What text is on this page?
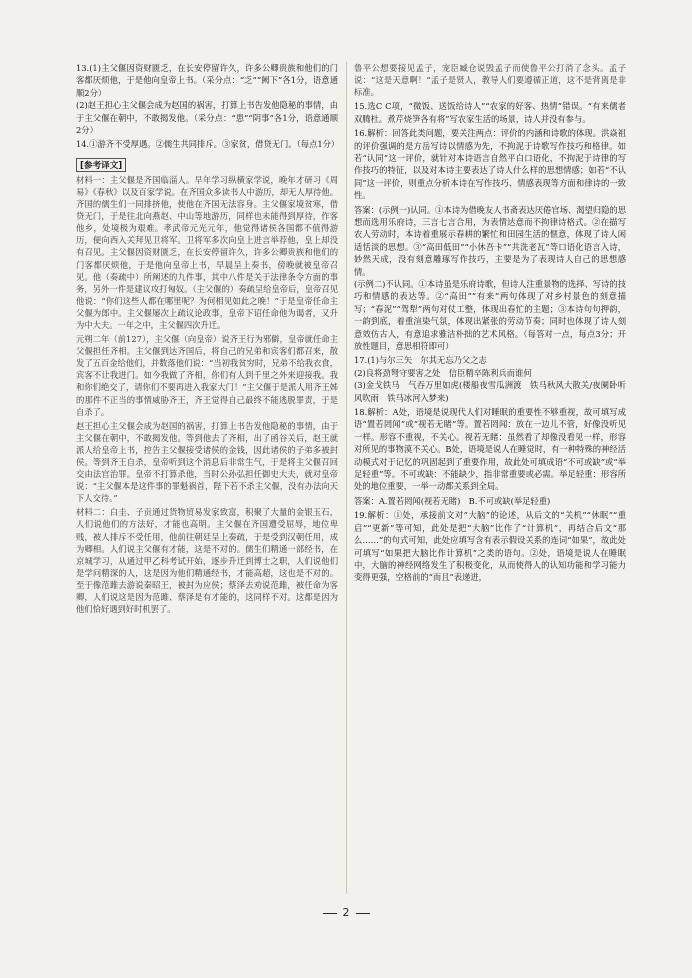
13.(1)主父偃因资财匮乏，在长安停留许久，许多公卿贵族和他们的门客都厌烦他，于是他向皇帝上书。（采分点：“乏”“阙下”各1分，语意通顺2分）
(2)赵王担心主父偃会成为赵国的祸害，打算上书告发他隐秘的事情，由于主父偃在朝中，不敢揭发他。（采分点：“患”“阴事”各1分，语意通顺2分）

14.①游齐不受厚遇。②儒生共同排斥。③家贫，借贷无门。（每点1分）

[参考译文]

材料一：主父偃是齐国临淄人。早年学习纵横家学说，晚年才研习《周易》《春秋》以及百家学说。在齐国众多读书人中游历，却无人厚待他。齐国的儒生们一同排挤他，使他在齐国无法容身。主父偃家境贫寒，借贷无门，于是往北向燕赵、中山等地游历，同样也未能得到厚待，作客他乡，处境极为艰难。孝武帝元光元年，他觉得诸侯各国都不值得游历，便向西入关拜见卫将军。卫将军多次向皇上进言举荐他，皇上却没有召见。主父偃因资财匮乏，在长安停留许久，许多公卿贵族和他们的门客都厌烦他，于是他向皇帝上书，早晨呈上奏书，傍晚就被皇帝召见。他（奏疏中）所阐述的九件事，其中八件是关于法律条令方面的事务，另外一件是建议攻打匈奴。（主父偃的）奏疏呈给皇帝后，皇帝召见他说：“你们这些人都在哪里呢？为何相见如此之晚！”于是皇帝任命主父偃为郎中。主父偃屡次上疏议论政事，皇帝下诏任命他为谒者，又升为中大夫。一年之中，主父偃四次升迁。

元朔二年（前127），主父偃（向皇帝）说齐王行为邪僻，皇帝就任命主父偃担任齐相。主父偃到达齐国后，将自己的兄弟和宾客们都召来，散发了五百金给他们，并数落他们说：“当初我贫穷时，兄弟不给我衣食，宾客不让我进门。如今我做了齐相，你们有人到千里之外来迎接我。我和你们绝交了，请你们不要再进入我家大门！”主父偃于是派人用齐王姊的那件不正当的事情威胁齐王，齐王觉得自己最终不能逃脱罪责，于是自杀了。

赵王担心主父偃会成为赵国的祸害，打算上书告发他隐秘的事情，由于主父偃在朝中，不敢揭发他。等到他去了齐相，出了函谷关后，赵王就派人给皇帝上书，控告主父偃接受诸侯的金钱，因此诸侯的子弟多被封侯。等到齐王自杀，皇帝听到这个消息后非常生气，于是将主父偃召回交由法官治罪。皇帝不打算杀他，当时公孙弘担任御史大夫，就对皇帝说：“主父偃本是这件事的罪魁祸首，陛下若不杀主父偃，没有办法向天下人交待。”

材料二：白圭、子贡通过货物贸易发家致富，积聚了大量的金银玉石，人们说他们的方法好，才能也高明。主父偃在齐国遭受屈辱，地位卑贱，被人排斥不受任用，他前往朝廷呈上奏疏，于是受到汉朝任用，成为卿相。人们说主父偃有才能，这是不对的。儒生们精通一部经书，在京城学习，从通过甲乙科考试开始，逐步升迁到博士之职，人们说他们是学问精深的人，这是因为他们精通经书，才能高超，这也是不对的。至于像范雎去游说秦昭王，被封为应侯；蔡泽去劝说范雎，被任命为客卿，人们说这是因为范雎、蔡泽是有才能的，这同样不对。这都是因为他们恰好遇到好时机罢了。

鲁平公想要接见孟子，宠臣臧仓说毁孟子而使鲁平公打消了念头。孟子说：“这是天意啊！”孟子是贤人，教导人们要遵循正道，这不是背离是非标准。

15.选C C项，“微饭、送饭给诗人”“农家的好客、热情”错误。“有来儒者双腾杜。煮芹烧笋各有将”写农家生活的场景，诗人并没有参与。

16.解析：回答此类问题，要关注两点：评价的内涵和诗歌的体现。洪焱祖的评价强调的是方岳写诗以情感为先，不拘泥于诗歌写作技巧和格律。如若“认同”这一评价，就针对本诗语言自然平白口语化，不拘泥于诗律的写作技巧的特征，以及对本诗主要表达了诗人什么样的思想情感；如若“不认同”这一评价，则重点分析本诗在写作技巧、情感表现等方面和律诗的一致性。

答案：(示例一)认同。①本诗为借晚友人书斋表达厌倦官场、渴望归隐的思想而选用乐府诗，三言七言合用，为表情达意而不拘律诗格式。②在描写农人劳动时，本诗着重展示春耕的繁忙和田园生活的惬意，体现了诗人闲适恬淡的思想。③“高田低田”“小休吾卡”“共洗老瓦”等口语化语言入诗，妙然天成，没有刻意雕琢写作技巧，主要是为了表现诗人自己的思想感情。
(示例二)不认同。①本诗虽是乐府诗歌，但诗人注重景物的选择、写诗的技巧和情感的表达等。②“高田”“有来”两句体现了对乡村景色的刻意描写；“春泥”“驾犁”两句对仗工整，体现出春忙的主题；③本诗句句押韵，一韵到底，着重渲染气氛，体现出紧张的劳动节奏；同时也体现了诗人刻意效仿古人，有意追求雅洁朴拙的艺术风格。（每答对一点，每点3分；开放性题目，意思相符即可）

17.(1)与尔三矢　尔其无忘乃父之志
(2)良将劲弩守要害之处　信臣精卒陈利兵而谁何
(3)金戈铁马　气吞万里如虎(楼船夜雪瓜洲渡　铁马秋风大散关/夜阑卧听风吹雨　铁马冰河入梦来)

18.解析：A处，语境是说现代人们对睡眠的重要性不够重视，故可填写成语“置若罔闻”或“视若无睹”等。置若罔闻：放在一边儿不管，好像没听见一样。形容不重视，不关心。视若无睹：虽然看了却像没看见一样，形容对所见的事物漠不关心。B处，语境是说人在睡觉时，有一种特殊的神经活动模式对于记忆的巩固起到了重要作用，故此处可填成语“不可或缺”或“举足轻重”等。不可或缺：不能缺少，指非常重要或必需。举足轻重：形容所处的地位重要，一举一动都关系到全局。

答案：A.置若罔闻(视若无睹)　B.不可或缺(举足轻重)

19.解析：①处，承接前文对“大脑”的论述，从后文的“关机”“休眠”“重启”“更新”等可知，此处是把“大脑”比作了“计算机”，再结合后文“那么……”的句式可知，此处应填写含有表示假设关系的连词“如果”，故此处可填写“如果把大脑比作计算机”之类的语句。②处，语境是说人在睡眠中，大脑的神经网络发生了积极变化，从而使得人的认知功能和学习能力变得更强，空格前的“而且”表递进，

2
